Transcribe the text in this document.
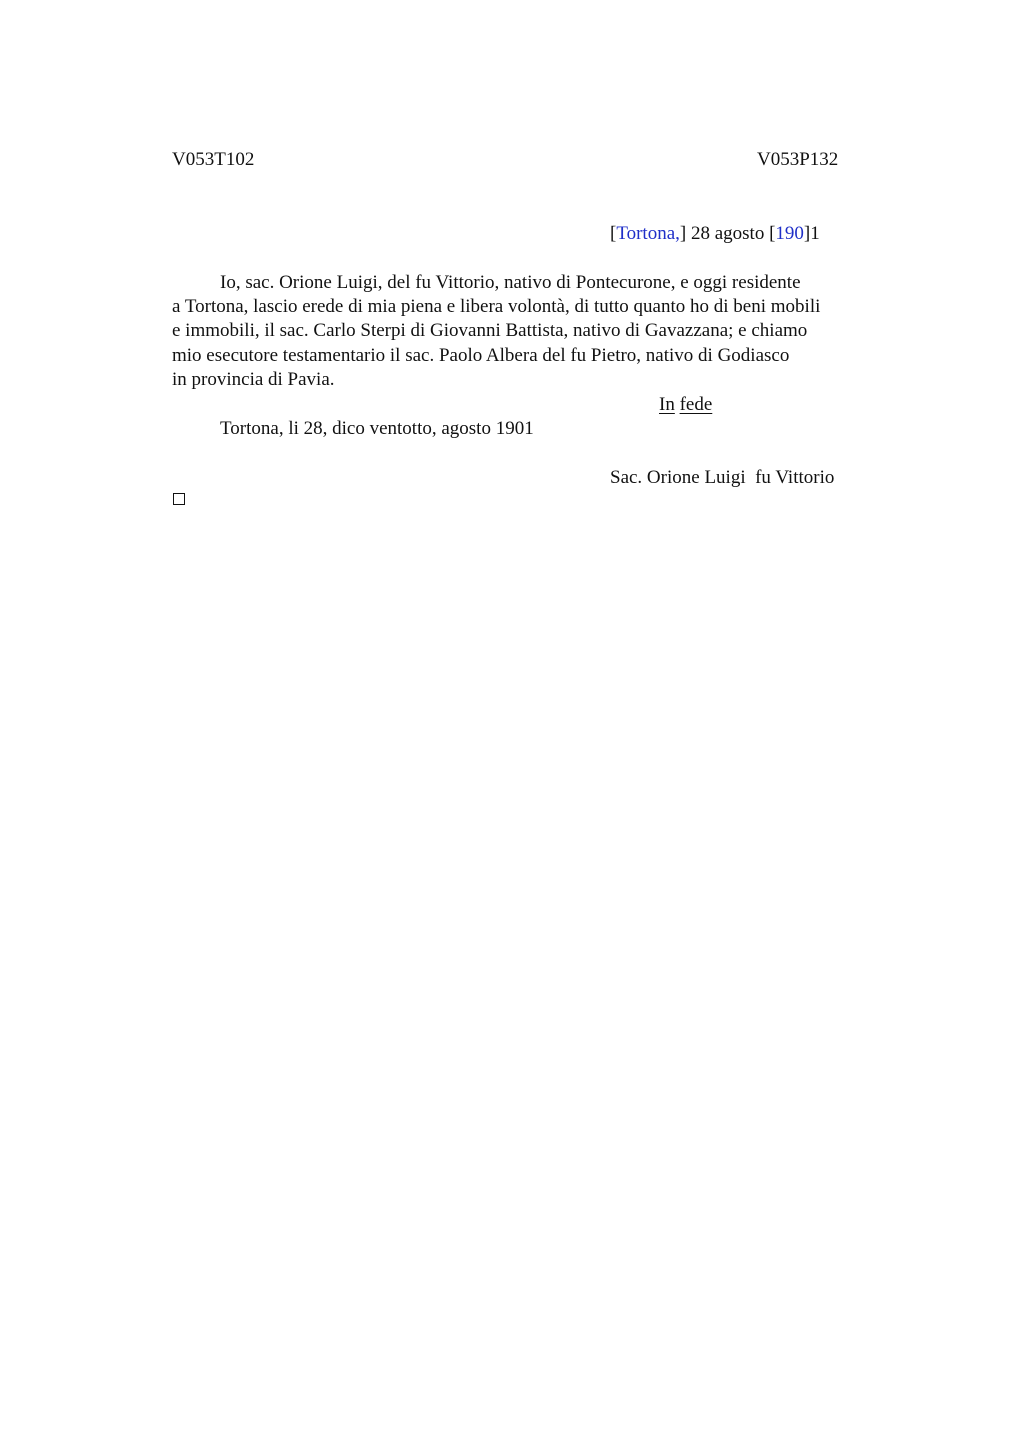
V053T102	V053P132
[Tortona,] 28 agosto [190]1
Io, sac. Orione Luigi, del fu Vittorio, nativo di Pontecurone, e oggi residente
a Tortona, lascio erede di mia piena e libera volontà, di tutto quanto ho di beni mobili
e immobili, il sac. Carlo Sterpi di Giovanni Battista, nativo di Gavazzana; e chiamo
mio esecutore testamentario il sac. Paolo Albera del fu Pietro, nativo di Godiasco
in provincia di Pavia.
In fede
Tortona, li 28, dico ventotto, agosto 1901
Sac. Orione Luigi  fu Vittorio
